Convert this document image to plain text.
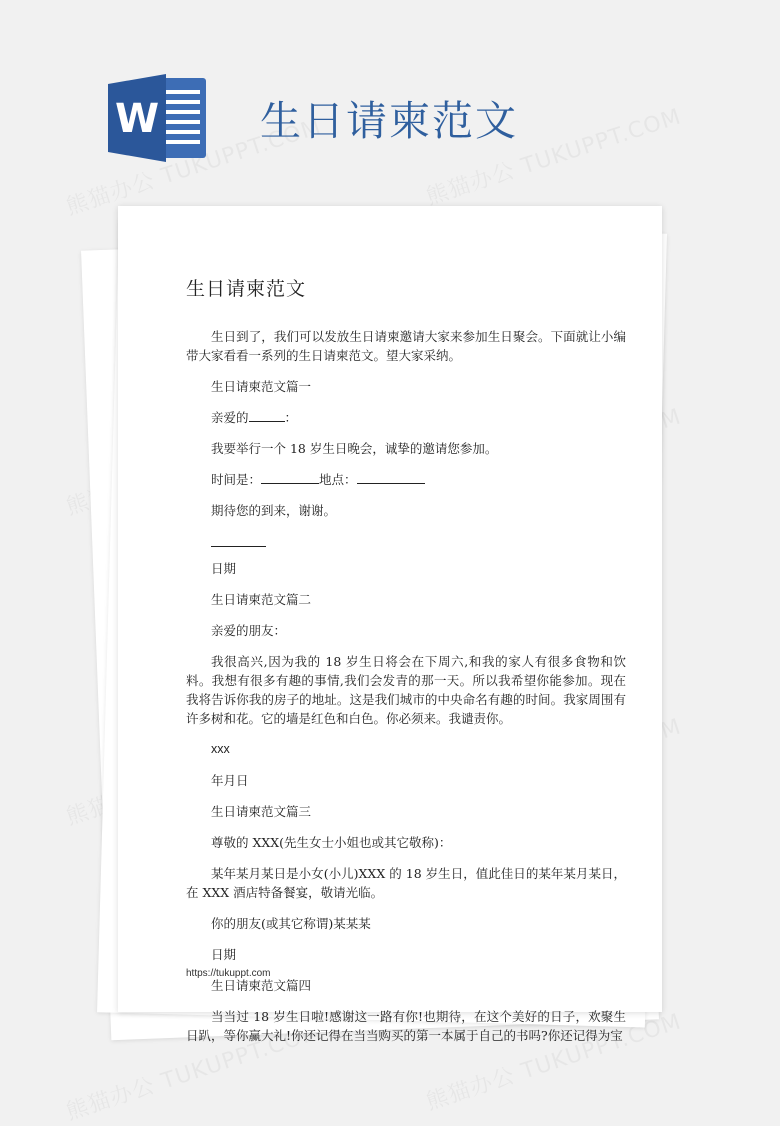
W 生日请柬范文
生日请柬范文

生日到了，我们可以发放生日请柬邀请大家来参加生日聚会。下面就让小编带大家看看一系列的生日请柬范文。望大家采纳。

生日请柬范文篇一

亲爱的	：

我要举行一个 18 岁生日晚会，诚挚的邀请您参加。

时间是：	地点：

期待您的到来，谢谢。

日期

生日请柬范文篇二

亲爱的朋友：

我很高兴,因为我的 18 岁生日将会在下周六,和我的家人有很多食物和饮料。我想有很多有趣的事情,我们会发青的那一天。所以我希望你能参加。现在我将告诉你我的房子的地址。这是我们城市的中央命名有趣的时间。我家周围有许多树和花。它的墙是红色和白色。你必须来。我谴责你。

xxx

年月日

生日请柬范文篇三

尊敬的 XXX(先生女士小姐也或其它敬称)：

某年某月某日是小女(小儿)XXX 的 18 岁生日，值此佳日的某年某月某日，在 XXX 酒店特备餐宴，敬请光临。

你的朋友(或其它称谓)某某某

日期

生日请柬范文篇四

当当过 18 岁生日啦!感谢这一路有你!也期待，在这个美好的日子，欢聚生日趴，等你赢大礼!你还记得在当当购买的第一本属于自己的书吗?你还记得为宝

https://tukuppt.com
